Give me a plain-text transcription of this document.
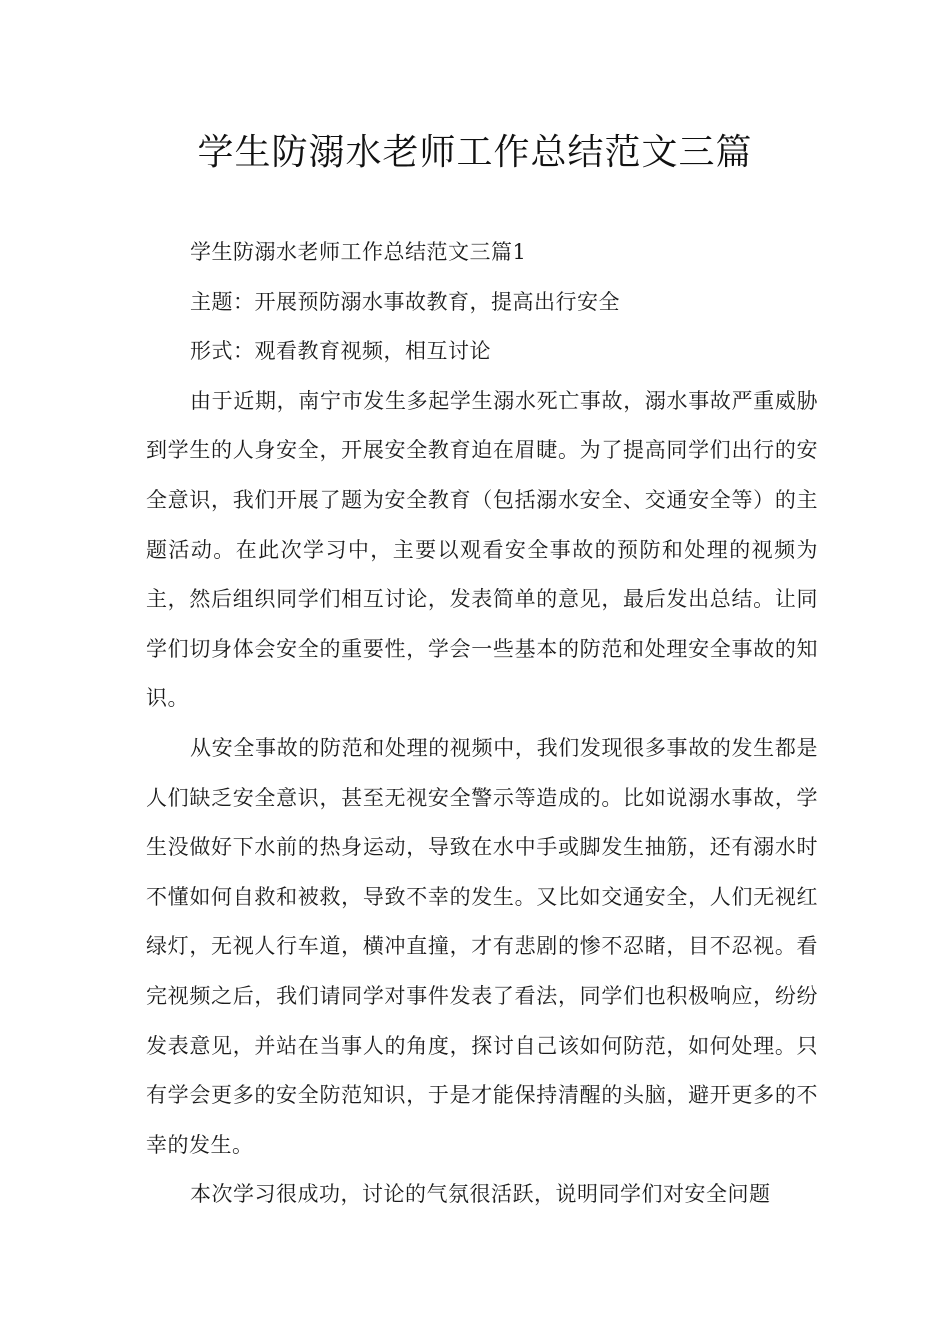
学生防溺水老师工作总结范文三篇

学生防溺水老师工作总结范文三篇1

主题：开展预防溺水事故教育，提高出行安全

形式：观看教育视频，相互讨论

由于近期，南宁市发生多起学生溺水死亡事故，溺水事故严重威胁到学生的人身安全，开展安全教育迫在眉睫。为了提高同学们出行的安全意识，我们开展了题为安全教育（包括溺水安全、交通安全等）的主题活动。在此次学习中，主要以观看安全事故的预防和处理的视频为主，然后组织同学们相互讨论，发表简单的意见，最后发出总结。让同学们切身体会安全的重要性，学会一些基本的防范和处理安全事故的知识。

从安全事故的防范和处理的视频中，我们发现很多事故的发生都是人们缺乏安全意识，甚至无视安全警示等造成的。比如说溺水事故，学生没做好下水前的热身运动，导致在水中手或脚发生抽筋，还有溺水时不懂如何自救和被救，导致不幸的发生。又比如交通安全，人们无视红绿灯，无视人行车道，横冲直撞，才有悲剧的惨不忍睹，目不忍视。看完视频之后，我们请同学对事件发表了看法，同学们也积极响应，纷纷发表意见，并站在当事人的角度，探讨自己该如何防范，如何处理。只有学会更多的安全防范知识，于是才能保持清醒的头脑，避开更多的不幸的发生。

本次学习很成功，讨论的气氛很活跃，说明同学们对安全问题
